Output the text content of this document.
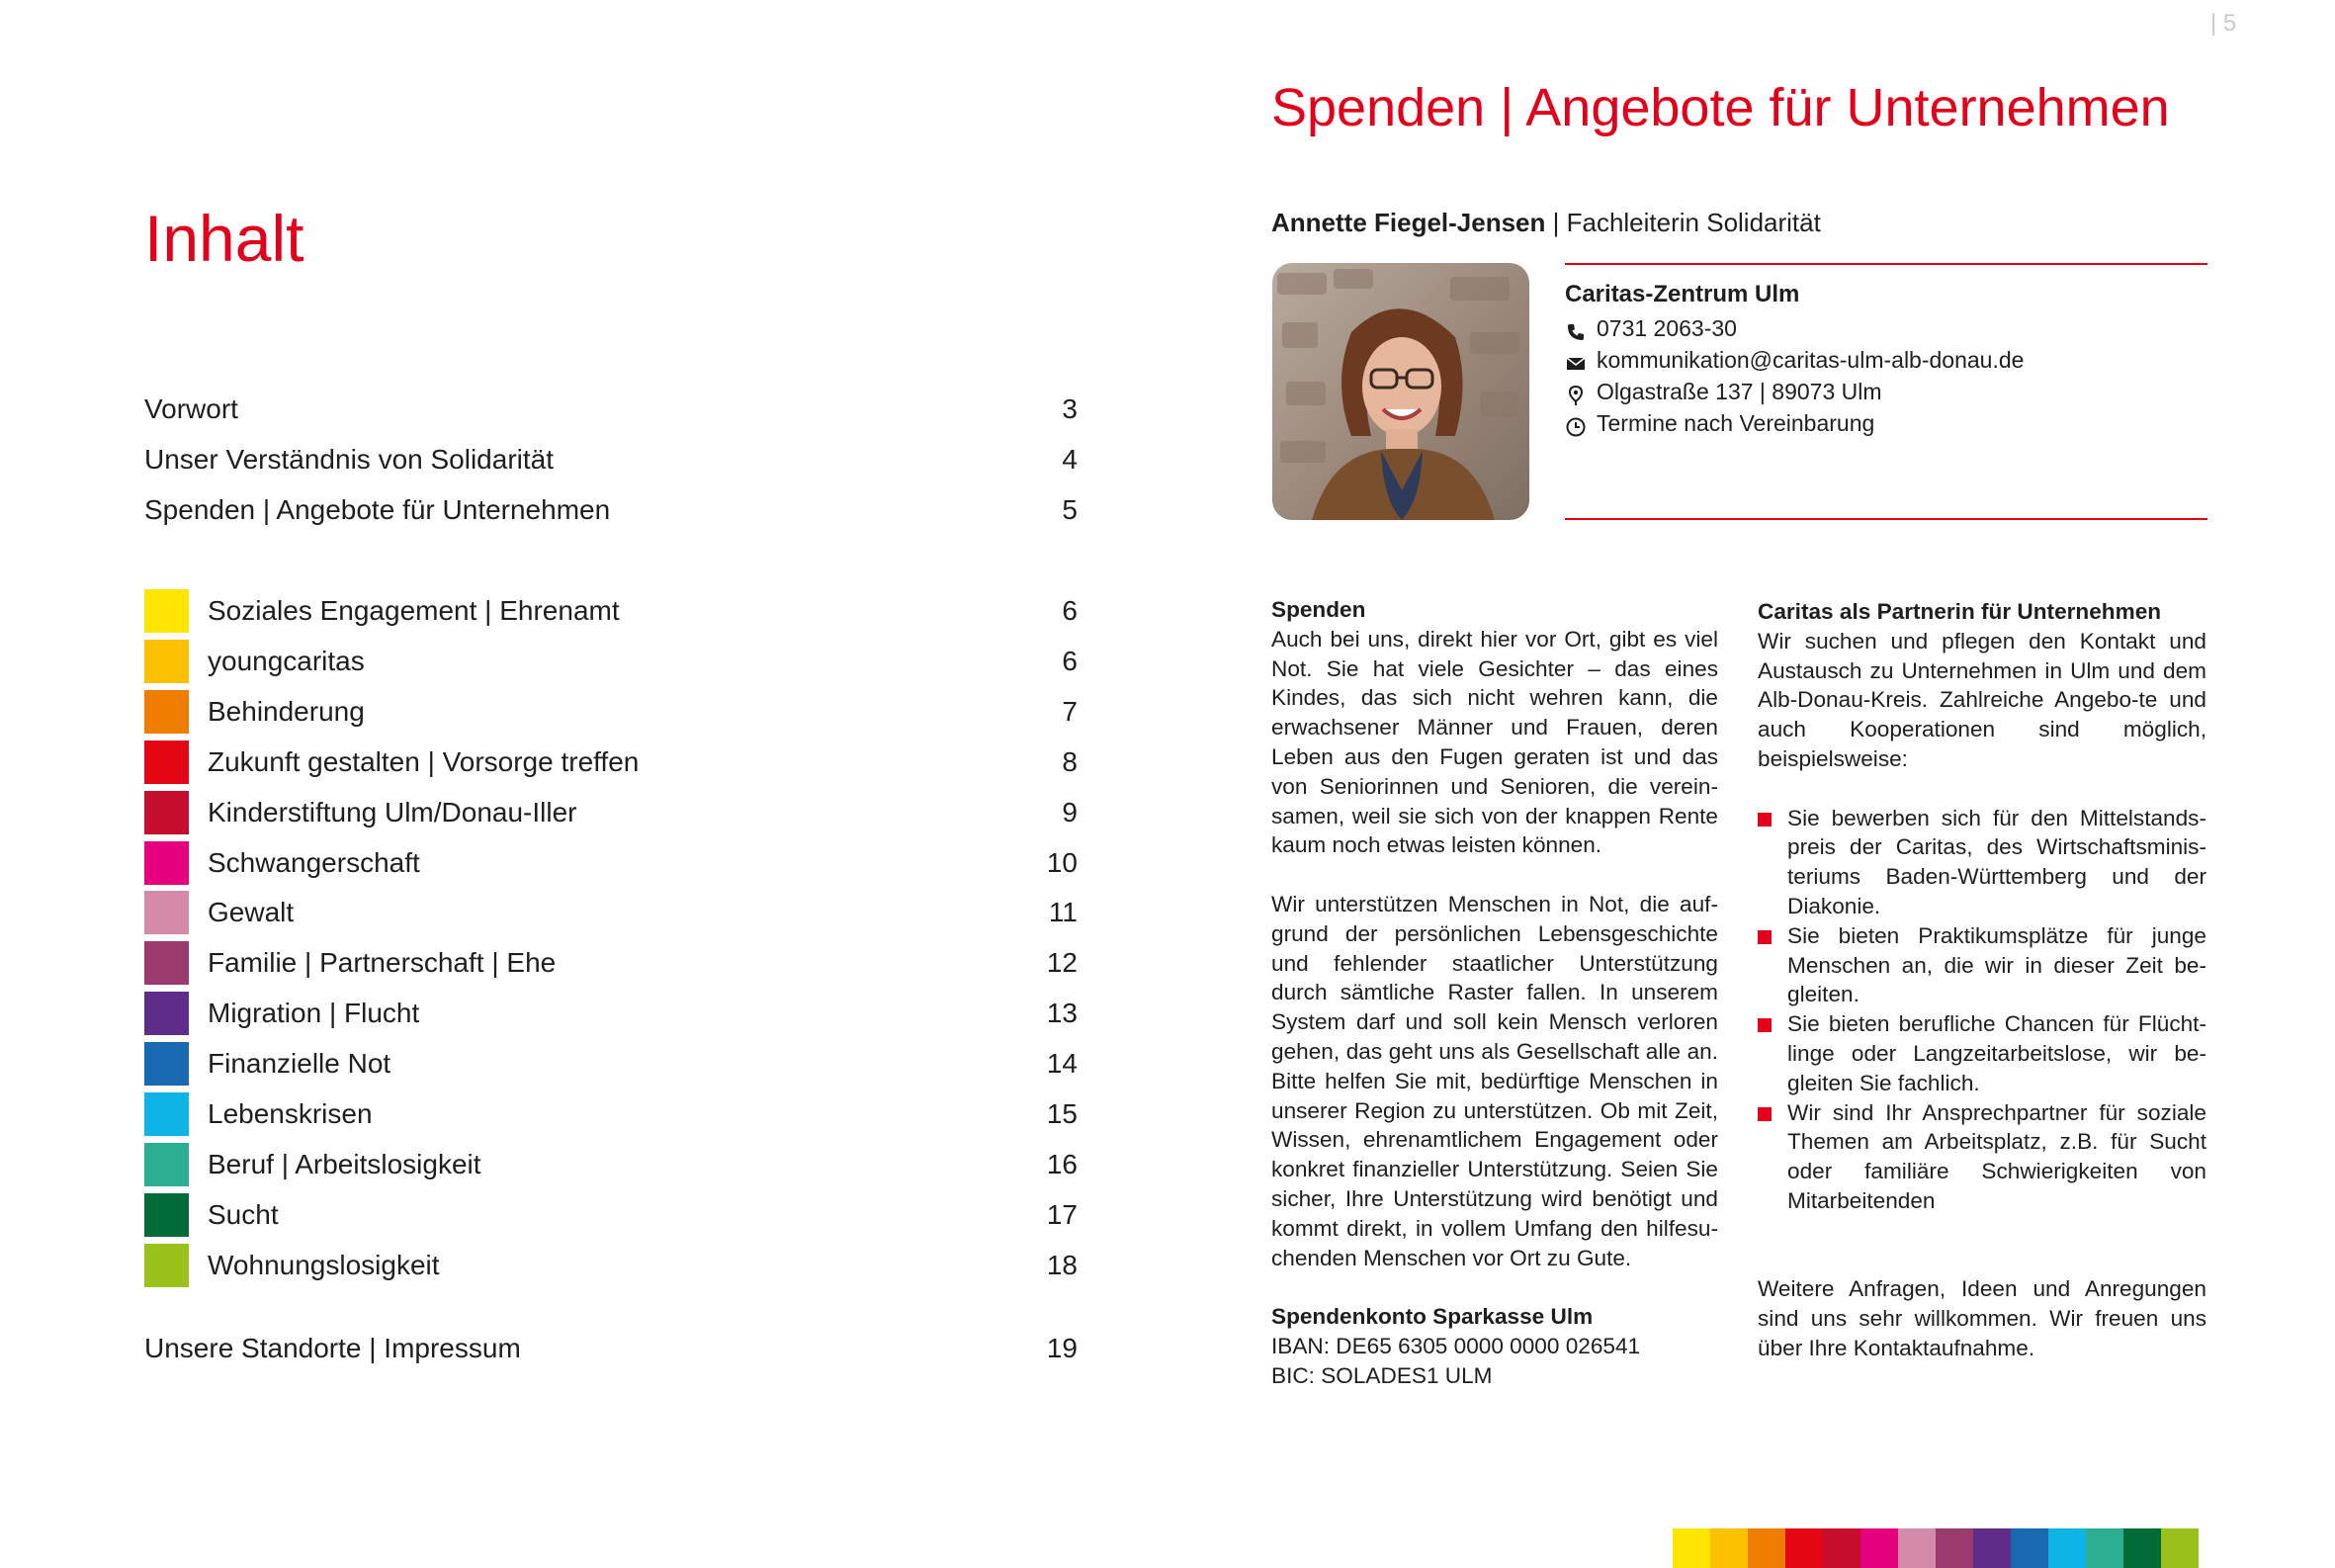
| 5
Inhalt
Vorwort	3
Unser Verständnis von Solidarität	4
Spenden | Angebote für Unternehmen	5
Soziales Engagement | Ehrenamt	6
youngcaritas	6
Behinderung	7
Zukunft gestalten | Vorsorge treffen	8
Kinderstiftung Ulm/Donau-Iller	9
Schwangerschaft	10
Gewalt	11
Familie | Partnerschaft | Ehe	12
Migration | Flucht	13
Finanzielle Not	14
Lebenskrisen	15
Beruf | Arbeitslosigkeit	16
Sucht	17
Wohnungslosigkeit	18
Unsere Standorte | Impressum	19
Spenden | Angebote für Unternehmen
Annette Fiegel-Jensen | Fachleiterin Solidarität
Caritas-Zentrum Ulm
0731 2063-30
kommunikation@caritas-ulm-alb-donau.de
Olgastraße 137 | 89073 Ulm
Termine nach Vereinbarung

Spenden

Auch bei uns, direkt hier vor Ort, gibt es viel Not. Sie hat viele Gesichter – das eines Kindes, das sich nicht wehren kann, die erwachsener Männer und Frauen, deren Leben aus den Fugen geraten ist und das von Seniorinnen und Senioren, die verein-samen, weil sie sich von der knappen Rente kaum noch etwas leisten können.

Wir unterstützen Menschen in Not, die auf-grund der persönlichen Lebensgeschichte und fehlender staatlicher Unterstützung durch sämtliche Raster fallen. In unserem System darf und soll kein Mensch verloren gehen, das geht uns als Gesellschaft alle an. Bitte helfen Sie mit, bedürftige Menschen in unserer Region zu unterstützen. Ob mit Zeit, Wissen, ehrenamtlichem Engagement oder konkret finanzieller Unterstützung. Seien Sie sicher, Ihre Unterstützung wird benötigt und kommt direkt, in vollem Umfang den hilfesu-chenden Menschen vor Ort zu Gute.

Spendenkonto Sparkasse Ulm

IBAN: DE65 6305 0000 0000 026541

BIC: SOLADES1 ULM

Caritas als Partnerin für Unternehmen

Wir suchen und pflegen den Kontakt und Austausch zu Unternehmen in Ulm und dem Alb-Donau-Kreis. Zahlreiche Angebo-te und auch Kooperationen sind möglich, beispielsweise:

Sie bewerben sich für den Mittelstands-preis der Caritas, des Wirtschaftsminis-teriums Baden-Württemberg und der Diakonie.

Sie bieten Praktikumsplätze für junge Menschen an, die wir in dieser Zeit be-gleiten.

Sie bieten berufliche Chancen für Flücht-linge oder Langzeitarbeitslose, wir be-gleiten Sie fachlich.

Wir sind Ihr Ansprechpartner für soziale Themen am Arbeitsplatz, z.B. für Sucht oder familiäre Schwierigkeiten von Mitarbeitenden

Weitere Anfragen, Ideen und Anregungen sind uns sehr willkommen. Wir freuen uns über Ihre Kontaktaufnahme.
